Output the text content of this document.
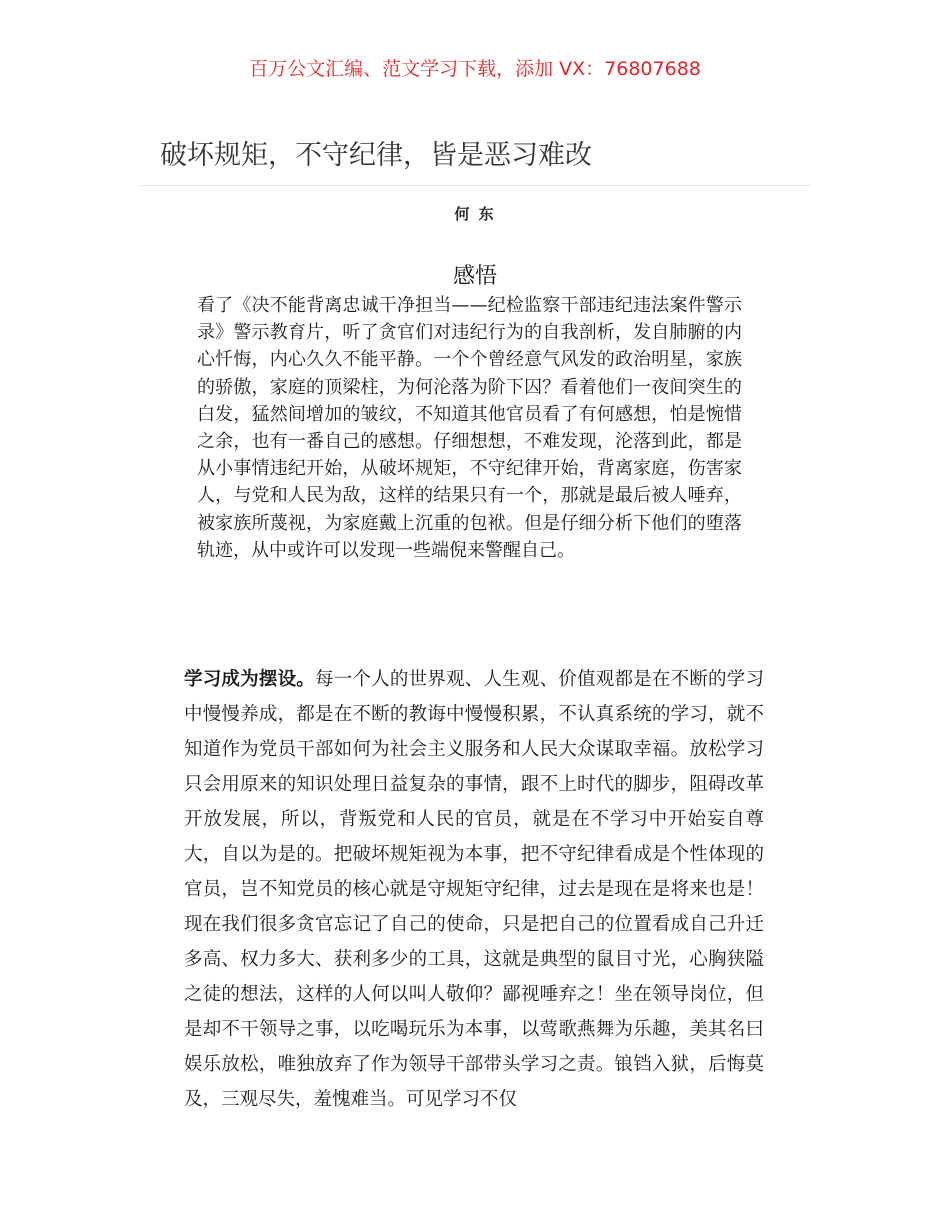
百万公文汇编、范文学习下载，添加 VX：76807688
破坏规矩，不守纪律，皆是恶习难改
何 东
感悟

看了《决不能背离忠诚干净担当——纪检监察干部违纪违法案件警示录》警示教育片，听了贪官们对违纪行为的自我剖析，发自肺腑的内心忏悔，内心久久不能平静。一个个曾经意气风发的政治明星，家族的骄傲，家庭的顶梁柱，为何沦落为阶下囚？看着他们一夜间突生的白发，猛然间增加的皱纹，不知道其他官员看了有何感想，怕是惋惜之余，也有一番自己的感想。仔细想想，不难发现，沦落到此，都是从小事情违纪开始，从破坏规矩，不守纪律开始，背离家庭，伤害家人，与党和人民为敌，这样的结果只有一个，那就是最后被人唾弃，被家族所蔑视，为家庭戴上沉重的包袱。但是仔细分析下他们的堕落轨迹，从中或许可以发现一些端倪来警醒自己。

学习成为摆设。每一个人的世界观、人生观、价值观都是在不断的学习中慢慢养成，都是在不断的教诲中慢慢积累，不认真系统的学习，就不知道作为党员干部如何为社会主义服务和人民大众谋取幸福。放松学习只会用原来的知识处理日益复杂的事情，跟不上时代的脚步，阻碍改革开放发展，所以，背叛党和人民的官员，就是在不学习中开始妄自尊大，自以为是的。把破坏规矩视为本事，把不守纪律看成是个性体现的官员，岂不知党员的核心就是守规矩守纪律，过去是现在是将来也是！现在我们很多贪官忘记了自己的使命，只是把自己的位置看成自己升迁多高、权力多大、获利多少的工具，这就是典型的鼠目寸光，心胸狭隘之徒的想法，这样的人何以叫人敬仰？鄙视唾弃之！坐在领导岗位，但是却不干领导之事，以吃喝玩乐为本事，以莺歌燕舞为乐趣，美其名曰娱乐放松，唯独放弃了作为领导干部带头学习之责。锒铛入狱，后悔莫及，三观尽失，羞愧难当。可见学习不仅
